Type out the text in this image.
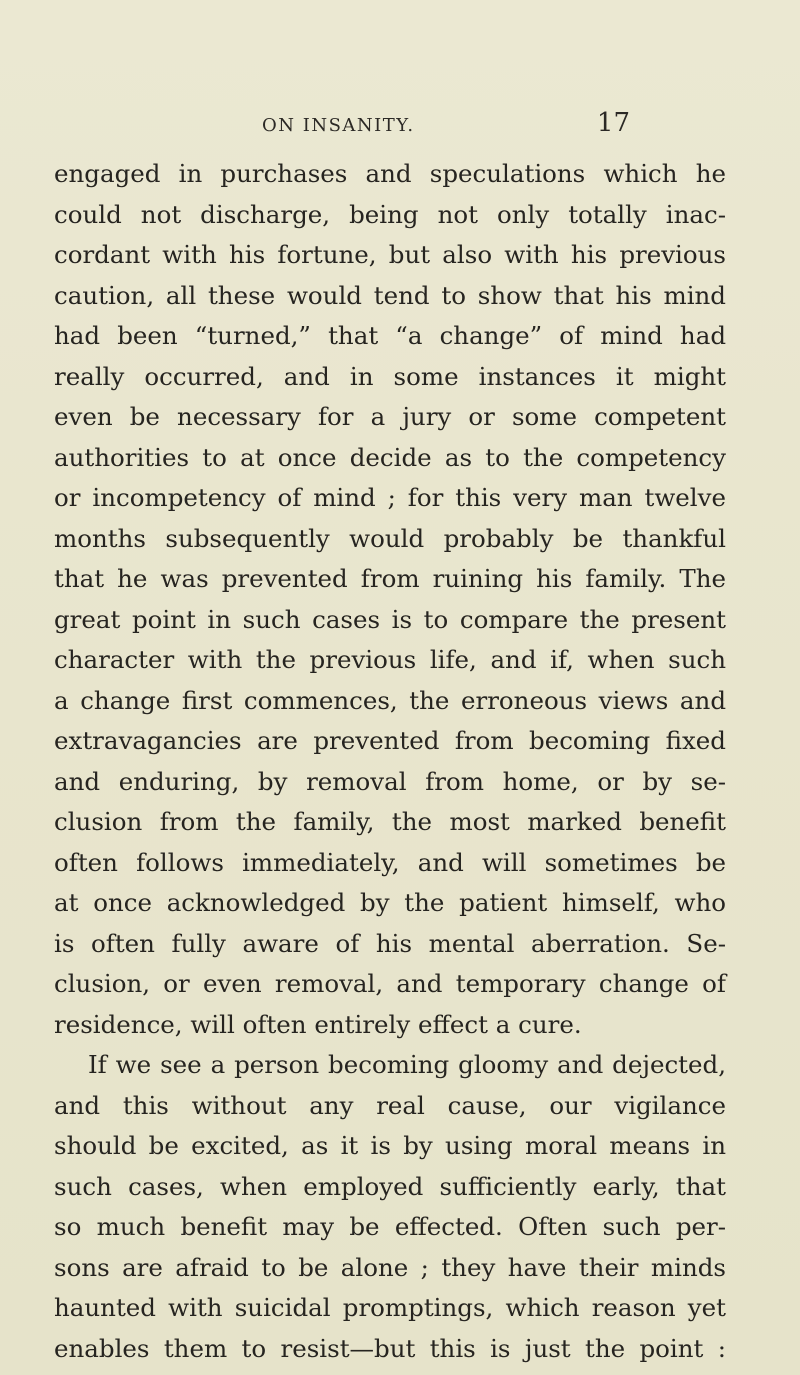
ON INSANITY.	17
engaged in purchases and speculations which he
could not discharge, being not only totally inac-
cordant with his fortune, but also with his previous
caution, all these would tend to show that his mind
had been “turned,” that “a change” of mind had
really occurred, and in some instances it might
even be necessary for a jury or some competent
authorities to at once decide as to the competency
or incompetency of mind ; for this very man twelve
months subsequently would probably be thankful
that he was prevented from ruining his family. The
great point in such cases is to compare the present
character with the previous life, and if, when such
a change first commences, the erroneous views and
extravagancies are prevented from becoming fixed
and enduring, by removal from home, or by se-
clusion from the family, the most marked benefit
often follows immediately, and will sometimes be
at once acknowledged by the patient himself, who
is often fully aware of his mental aberration. Se-
clusion, or even removal, and temporary change of
residence, will often entirely effect a cure.
If we see a person becoming gloomy and dejected,
and this without any real cause, our vigilance
should be excited, as it is by using moral means in
such cases, when employed sufficiently early, that
so much benefit may be effected. Often such per-
sons are afraid to be alone ; they have their minds
haunted with suicidal promptings, which reason yet
enables them to resist—but this is just the point :
